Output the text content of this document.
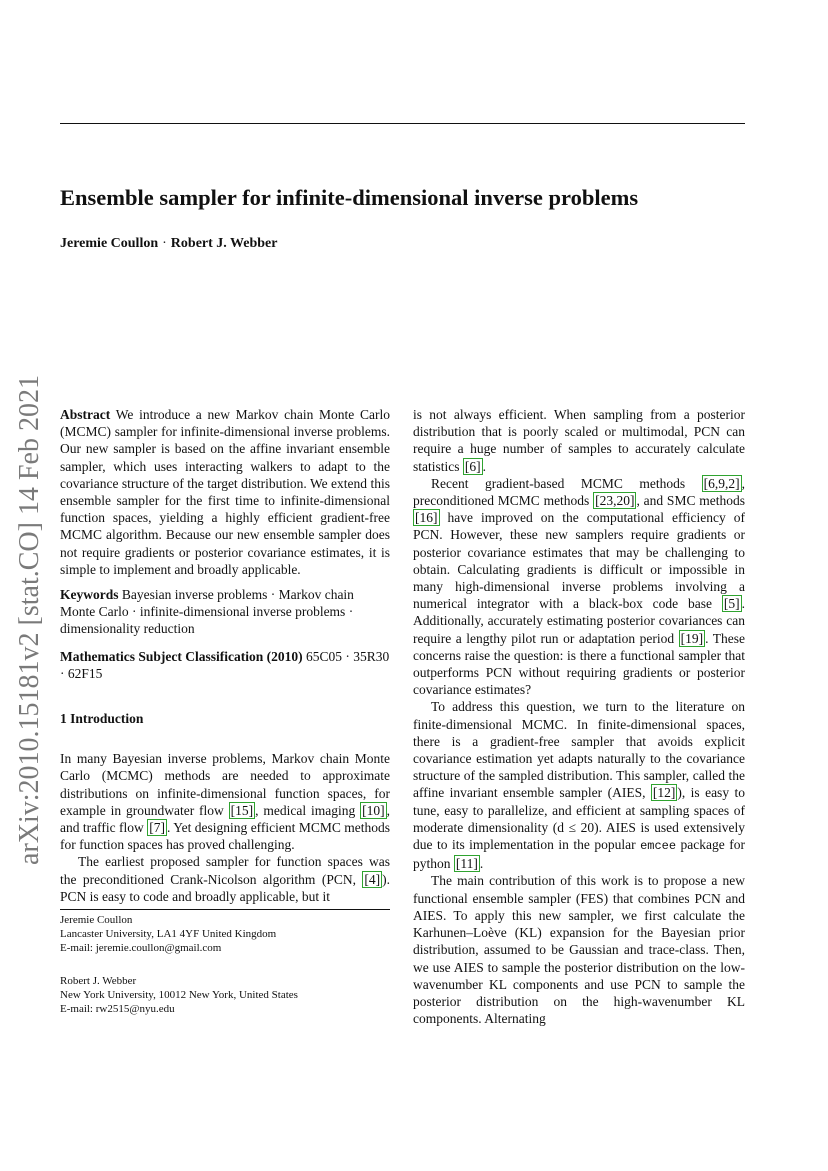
Ensemble sampler for infinite-dimensional inverse problems
Jeremie Coullon · Robert J. Webber
arXiv:2010.15181v2 [stat.CO] 14 Feb 2021 Abstract We introduce a new Markov chain Monte Carlo (MCMC) sampler for infinite-dimensional inverse problems. Our new sampler is based on the affine invariant ensemble sampler, which uses interacting walkers to adapt to the covariance structure of the target distribution. We extend this ensemble sampler for the first time to infinite-dimensional function spaces, yielding a highly efficient gradient-free MCMC algorithm. Because our new ensemble sampler does not require gradients or posterior covariance estimates, it is simple to implement and broadly applicable.

Keywords Bayesian inverse problems · Markov chain Monte Carlo · infinite-dimensional inverse problems · dimensionality reduction

Mathematics Subject Classification (2010) 65C05 · 35R30 · 62F15

1 Introduction

In many Bayesian inverse problems, Markov chain Monte Carlo (MCMC) methods are needed to approximate distributions on infinite-dimensional function spaces, for example in groundwater flow [15] , medical imaging [10] , and traffic flow [7] . Yet designing efficient MCMC methods for function spaces has proved challenging.

The earliest proposed sampler for function spaces was the preconditioned Crank-Nicolson algorithm (PCN, [4] ). PCN is easy to code and broadly applicable, but it

Jeremie Coullon
Lancaster University, LA1 4YF United Kingdom
E-mail: jeremie.coullon@gmail.com
Robert J. Webber
New York University, 10012 New York, United States
E-mail: rw2515@nyu.edu

is not always efficient. When sampling from a posterior distribution that is poorly scaled or multimodal, PCN can require a huge number of samples to accurately calculate statistics [6] .

Recent gradient-based MCMC methods [6,9,2] , preconditioned MCMC methods [23,20] , and SMC methods [16] have improved on the computational efficiency of PCN. However, these new samplers require gradients or posterior covariance estimates that may be challenging to obtain. Calculating gradients is difficult or impossible in many high-dimensional inverse problems involving a numerical integrator with a black-box code base [5] . Additionally, accurately estimating posterior covariances can require a lengthy pilot run or adaptation period [19] . These concerns raise the question: is there a functional sampler that outperforms PCN without requiring gradients or posterior covariance estimates?

To address this question, we turn to the literature on finite-dimensional MCMC. In finite-dimensional spaces, there is a gradient-free sampler that avoids explicit covariance estimation yet adapts naturally to the covariance structure of the sampled distribution. This sampler, called the affine invariant ensemble sampler (AIES, [12] ), is easy to tune, easy to parallelize, and efficient at sampling spaces of moderate dimensionality (d ≤ 20). AIES is used extensively due to its implementation in the popular emcee package for python [11] .

The main contribution of this work is to propose a new functional ensemble sampler (FES) that combines PCN and AIES. To apply this new sampler, we first calculate the Karhunen–Loève (KL) expansion for the Bayesian prior distribution, assumed to be Gaussian and trace-class. Then, we use AIES to sample the posterior distribution on the low-wavenumber KL components and use PCN to sample the posterior distribution on the high-wavenumber KL components. Alternating
